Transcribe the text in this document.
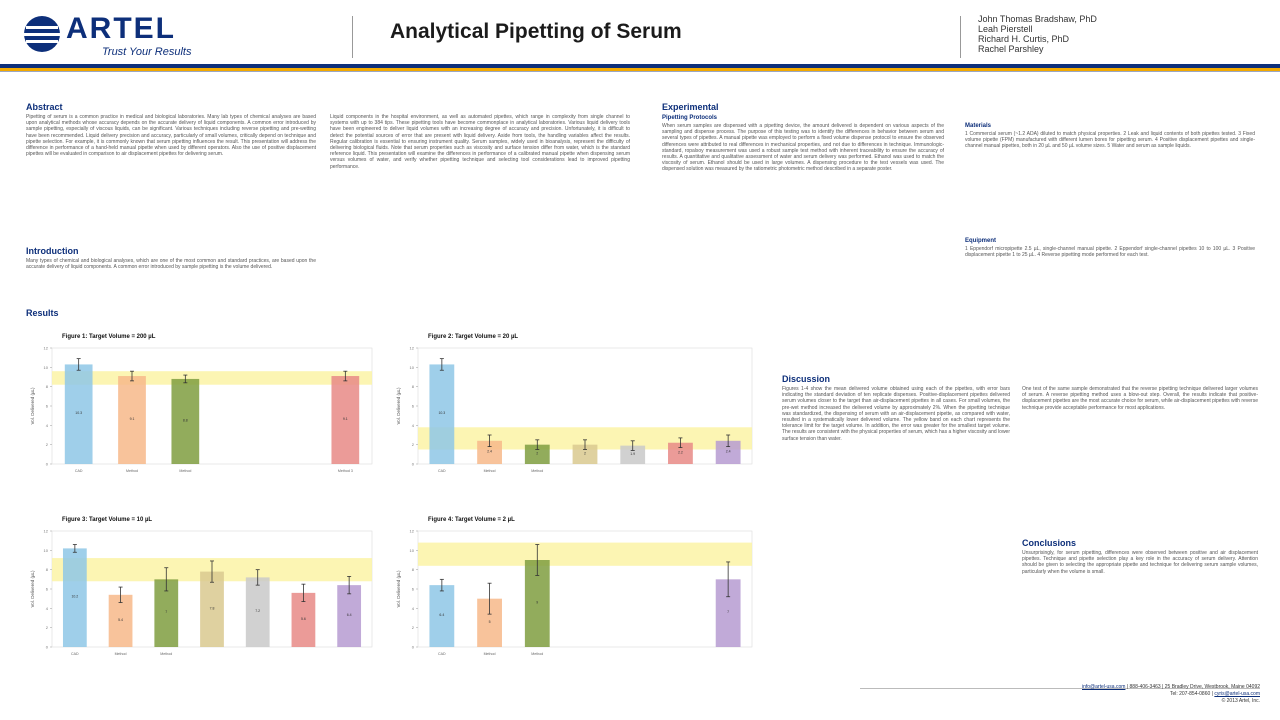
ARTEL
Trust Your Results
Analytical Pipetting of Serum
John Thomas Bradshaw, PhD
Leah Pierstell
Richard H. Curtis, PhD
Rachel Parshley
Abstract
Pipetting of serum is a common practice in medical and biological laboratories. Many lab types of chemical analyses are based upon analytical methods whose accuracy depends on the accurate delivery of liquid components. A common error introduced by sample pipetting, especially of viscous liquids, can be significant. Various techniques including reverse pipetting and pre-wetting have been recommended. Liquid delivery precision and accuracy, particularly of small volumes, critically depend on technique and pipette selection. For example, it is commonly known that serum pipetting influences the result. This presentation will address the difference in performance of a hand-held manual pipette when used by different operators. Also the use of positive displacement pipettes will be evaluated in comparison to air displacement pipettes for delivering serum.
Introduction
Many types of chemical and biological analyses, which are one of the most common and standard practices, are based upon the accurate delivery of liquid components. A common error introduced by sample pipetting is the volume delivered.
Liquid components in the hospital environment, as well as automated pipettes, which range in complexity from single channel to systems with up to 384 tips. These pipetting tools have become commonplace in analytical laboratories. Various liquid delivery tools have been engineered to deliver liquid volumes with an increasing degree of accuracy and precision. Unfortunately, it is difficult to detect the potential sources of error that are present with liquid delivery. Aside from tools, the handling variables affect the results. Regular calibration is essential to ensuring instrument quality. Serum samples, widely used in bioanalysis, represent the difficulty of delivering biological fluids. Note that serum properties such as viscosity and surface tension differ from water, which is the standard reference liquid. This presentation will examine the differences in performance of a calibrated manual pipette when dispensing serum versus volumes of water, and verify whether pipetting technique and selecting tool considerations lead to improved pipetting performance.
Experimental
Pipetting Protocols
When serum samples are dispensed with a pipetting device, the amount delivered is dependent on various aspects of the sampling and dispense process. The purpose of this testing was to identify the differences in behavior between serum and several types of pipettes. A manual pipette was employed to perform a fixed volume dispense protocol to ensure the observed differences were attributed to real differences in mechanical properties, and not due to differences in technique. Immunologic-standard, ropalsoy measurement was used a robust sample test method with inherent traceability to ensure the accuracy of results. A quantitative and qualitative assessment of water and serum delivery was performed. Ethanol was used to match the viscosity of serum. Ethanol should be used in large volumes. A dispensing procedure to the test vessels was used. The dispensed solution was measured by the ratiometric photometric method described in a separate poster.
Materials
1 Commercial serum (~1.2 ADA) diluted to match physical properties. 2 Leak and liquid contents of both pipettes tested. 3 Fixed volume pipette (FPM) manufactured with different lumen bores for pipetting serum. 4 Positive displacement pipettes and single-channel manual pipettes, both in 20 µL and 50 µL volume sizes. 5 Water and serum as sample liquids.
Equipment
1 Eppendorf micropipette 2.5 µL, single-channel manual pipette. 2 Eppendorf single-channel pipettes 10 to 100 µL. 3 Positive displacement pipette 1 to 25 µL. 4 Reverse pipetting mode performed for each test.
Results
Figure 1: Target Volume = 200 µL
0
2
4
6
8
10
12
Vol. Delivered (µL)	10.3
CAD
9.1
Method
8.8
Method
9.1
Method 3
Figure 2: Target Volume = 20 µL
0
2
4
6
8
10
12
Vol. Delivered (µL)	10.3
CAD
2.4
Method
2
Method
2	1.9	2.2	2.4
Figure 3: Target Volume = 10 µL
0
2
4
6
8
10
12
Vol. Delivered (µL)	10.2
CAD
5.4
Method
7
Method
7.8
7.2
5.6
6.4
Figure 4: Target Volume = 2 µL
0
2
4
6
8
10
12
Vol. Delivered (µL)
6.4
CAD
5
Method
9
Method
7
Discussion
Figures 1-4 show the mean delivered volume obtained using each of the pipettes, with error bars indicating the standard deviation of ten replicate dispenses. Positive-displacement pipettes delivered serum volumes closer to the target than air-displacement pipettes in all cases. For small volumes, the pre-wet method increased the delivered volume by approximately 2%. When the pipetting technique was standardized, the dispensing of serum with an air-displacement pipette, as compared with water, resulted in a systematically lower delivered volume. The yellow band on each chart represents the tolerance limit for the target volume. In addition, the error was greater for the smallest target volume. The results are consistent with the physical properties of serum, which has a higher viscosity and lower surface tension than water.
One test of the same sample demonstrated that the reverse pipetting technique delivered larger volumes of serum. A reverse pipetting method uses a blow-out step. Overall, the results indicate that positive-displacement pipettes are the most accurate choice for serum, while air-displacement pipettes with reverse technique provide acceptable performance for most applications.
Conclusions
Unsurprisingly, for serum pipetting, differences were observed between positive and air displacement pipettes. Technique and pipette selection play a key role in the accuracy of serum delivery. Attention should be given to selecting the appropriate pipette and technique for delivering serum sample volumes, particularly when the volume is small.
info@artel-usa.com | 888-406-3463 | 25 Bradley Drive, Westbrook, Maine 04092
Tel: 207-854-0860 | cyris@artel-usa.com
© 2013 Artel, Inc.
